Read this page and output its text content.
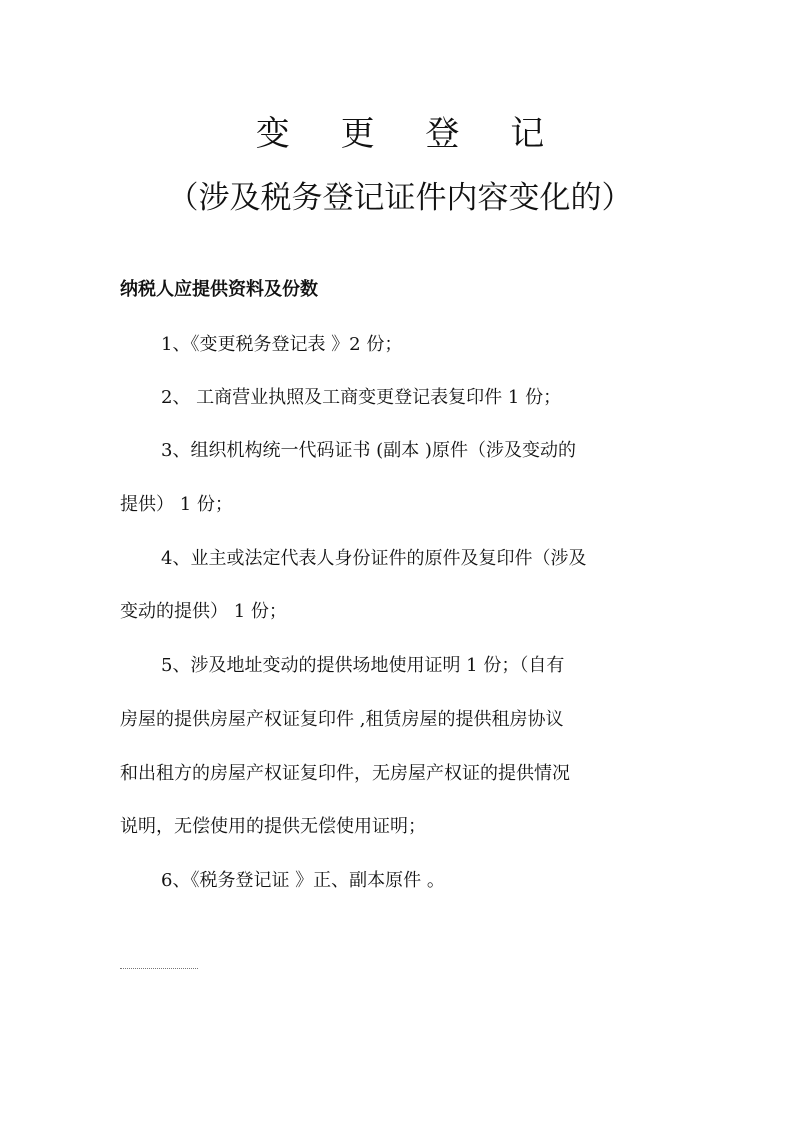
变 更 登 记
（涉及税务登记证件内容变化的）

纳税人应提供资料及份数

1、《变更税务登记表 》2 份；

2、 工商营业执照及工商变更登记表复印件 1 份；

3、组织机构统一代码证书 (副本 )原件（涉及变动的

提供） 1 份；

4、业主或法定代表人身份证件的原件及复印件（涉及

变动的提供） 1 份；

5、涉及地址变动的提供场地使用证明 1 份；（自有

房屋的提供房屋产权证复印件 ,租赁房屋的提供租房协议

和出租方的房屋产权证复印件，无房屋产权证的提供情况

说明，无偿使用的提供无偿使用证明；

6、《税务登记证 》正、副本原件 。
